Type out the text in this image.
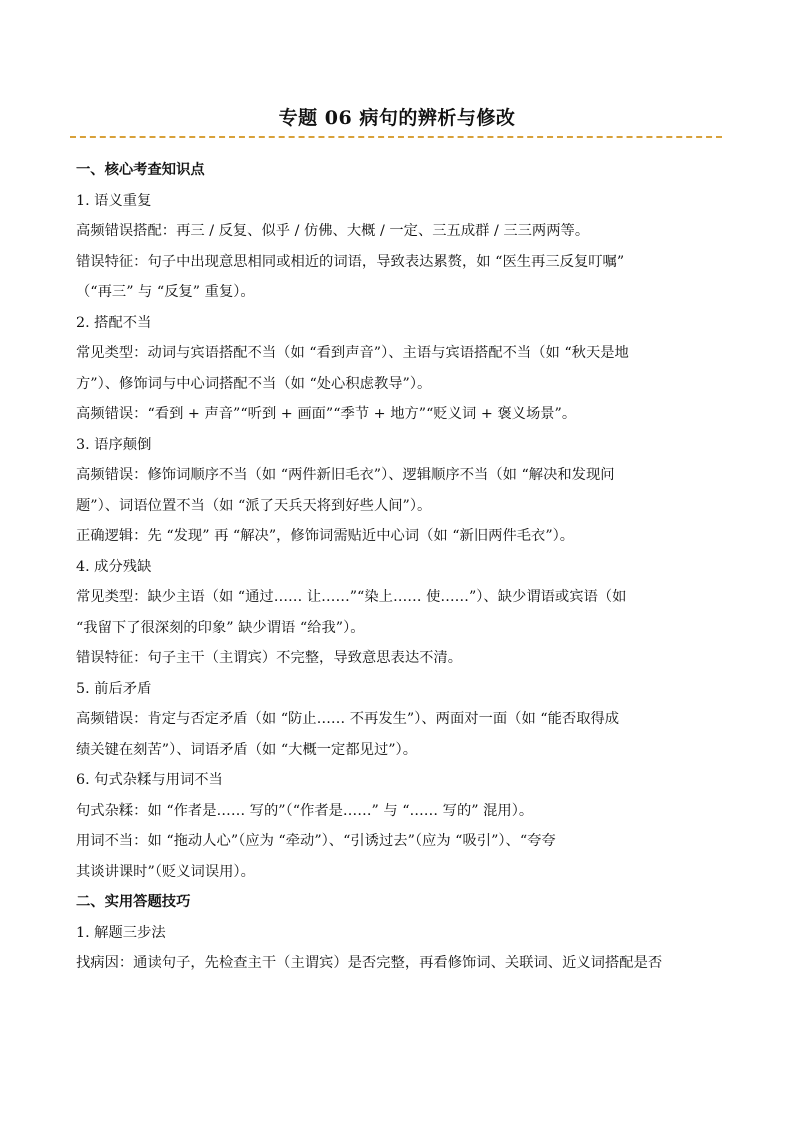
专题 06 病句的辨析与修改
一、核心考查知识点
1. 语义重复
高频错误搭配：再三 / 反复、似乎 / 仿佛、大概 / 一定、三五成群 / 三三两两等。
错误特征：句子中出现意思相同或相近的词语，导致表达累赘，如 “医生再三反复叮嘱”
（“再三” 与 “反复” 重复）。
2. 搭配不当
常见类型：动词与宾语搭配不当（如 “看到声音”）、主语与宾语搭配不当（如 “秋天是地
方”）、修饰词与中心词搭配不当（如 “处心积虑教导”）。
高频错误：“看到 + 声音”“听到 + 画面”“季节 + 地方”“贬义词 + 褒义场景”。
3. 语序颠倒
高频错误：修饰词顺序不当（如 “两件新旧毛衣”）、逻辑顺序不当（如 “解决和发现问
题”）、词语位置不当（如 “派了天兵天将到好些人间”）。
正确逻辑：先 “发现” 再 “解决”，修饰词需贴近中心词（如 “新旧两件毛衣”）。
4. 成分残缺
常见类型：缺少主语（如 “通过…… 让……”“染上…… 使……”）、缺少谓语或宾语（如
“我留下了很深刻的印象” 缺少谓语 “给我”）。
错误特征：句子主干（主谓宾）不完整，导致意思表达不清。
5. 前后矛盾
高频错误：肯定与否定矛盾（如 “防止…… 不再发生”）、两面对一面（如 “能否取得成
绩关键在刻苦”）、词语矛盾（如 “大概一定都见过”）。
6. 句式杂糅与用词不当
句式杂糅：如 “作者是…… 写的”（“作者是……” 与 “…… 写的” 混用）。
用词不当：如 “拖动人心”（应为 “牵动”）、“引诱过去”（应为 “吸引”）、“夸夸
其谈讲课时”（贬义词误用）。
二、实用答题技巧
1. 解题三步法
找病因：通读句子，先检查主干（主谓宾）是否完整，再看修饰词、关联词、近义词搭配是否
